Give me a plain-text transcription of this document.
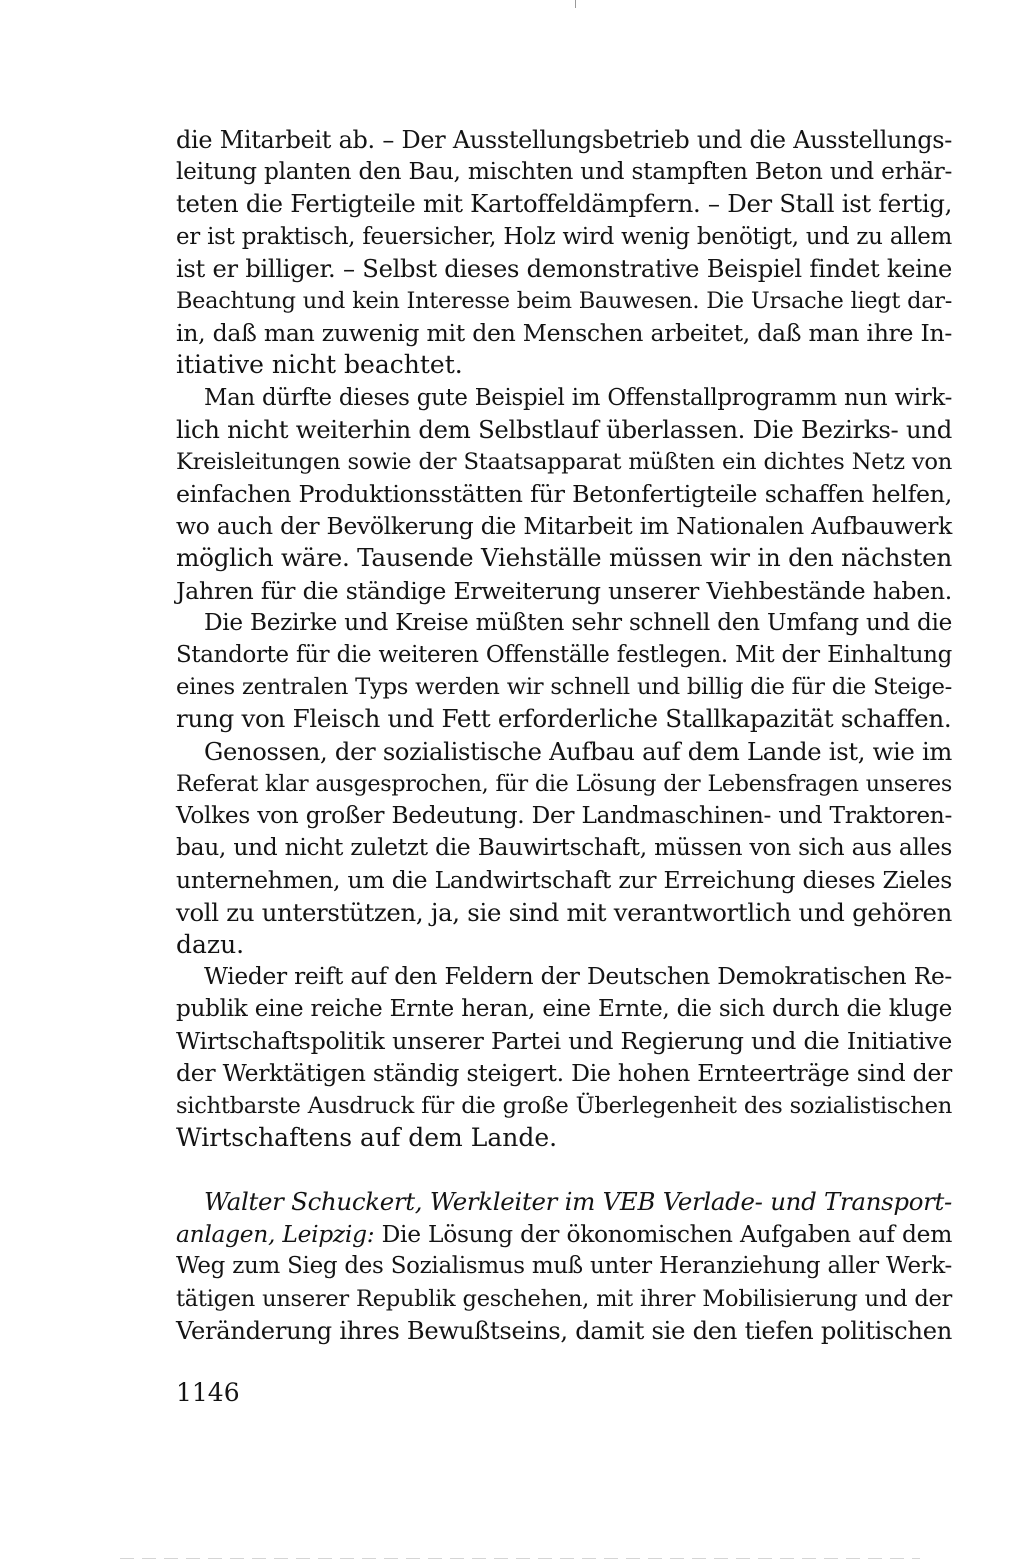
die Mitarbeit ab. – Der Ausstellungsbetrieb und die Ausstellungs-
leitung planten den Bau, mischten und stampften Beton und erhär-
teten die Fertigteile mit Kartoffeldämpfern. – Der Stall ist fertig,
er ist praktisch, feuersicher, Holz wird wenig benötigt, und zu allem
ist er billiger. – Selbst dieses demonstrative Beispiel findet keine
Beachtung und kein Interesse beim Bauwesen. Die Ursache liegt dar-
in, daß man zuwenig mit den Menschen arbeitet, daß man ihre In-
itiative nicht beachtet.
Man dürfte dieses gute Beispiel im Offenstallprogramm nun wirk-
lich nicht weiterhin dem Selbstlauf überlassen. Die Bezirks- und
Kreisleitungen sowie der Staatsapparat müßten ein dichtes Netz von
einfachen Produktionsstätten für Betonfertigteile schaffen helfen,
wo auch der Bevölkerung die Mitarbeit im Nationalen Aufbauwerk
möglich wäre. Tausende Viehställe müssen wir in den nächsten
Jahren für die ständige Erweiterung unserer Viehbestände haben.
Die Bezirke und Kreise müßten sehr schnell den Umfang und die
Standorte für die weiteren Offenställe festlegen. Mit der Einhaltung
eines zentralen Typs werden wir schnell und billig die für die Steige-
rung von Fleisch und Fett erforderliche Stallkapazität schaffen.
Genossen, der sozialistische Aufbau auf dem Lande ist, wie im
Referat klar ausgesprochen, für die Lösung der Lebensfragen unseres
Volkes von großer Bedeutung. Der Landmaschinen- und Traktoren-
bau, und nicht zuletzt die Bauwirtschaft, müssen von sich aus alles
unternehmen, um die Landwirtschaft zur Erreichung dieses Zieles
voll zu unterstützen, ja, sie sind mit verantwortlich und gehören
dazu.
Wieder reift auf den Feldern der Deutschen Demokratischen Re-
publik eine reiche Ernte heran, eine Ernte, die sich durch die kluge
Wirtschaftspolitik unserer Partei und Regierung und die Initiative
der Werktätigen ständig steigert. Die hohen Ernteerträge sind der
sichtbarste Ausdruck für die große Überlegenheit des sozialistischen
Wirtschaftens auf dem Lande.
Walter Schuckert, Werkleiter im VEB Verlade- und Transport-
anlagen, Leipzig: Die Lösung der ökonomischen Aufgaben auf dem
Weg zum Sieg des Sozialismus muß unter Heranziehung aller Werk-
tätigen unserer Republik geschehen, mit ihrer Mobilisierung und der
Veränderung ihres Bewußtseins, damit sie den tiefen politischen
1146
